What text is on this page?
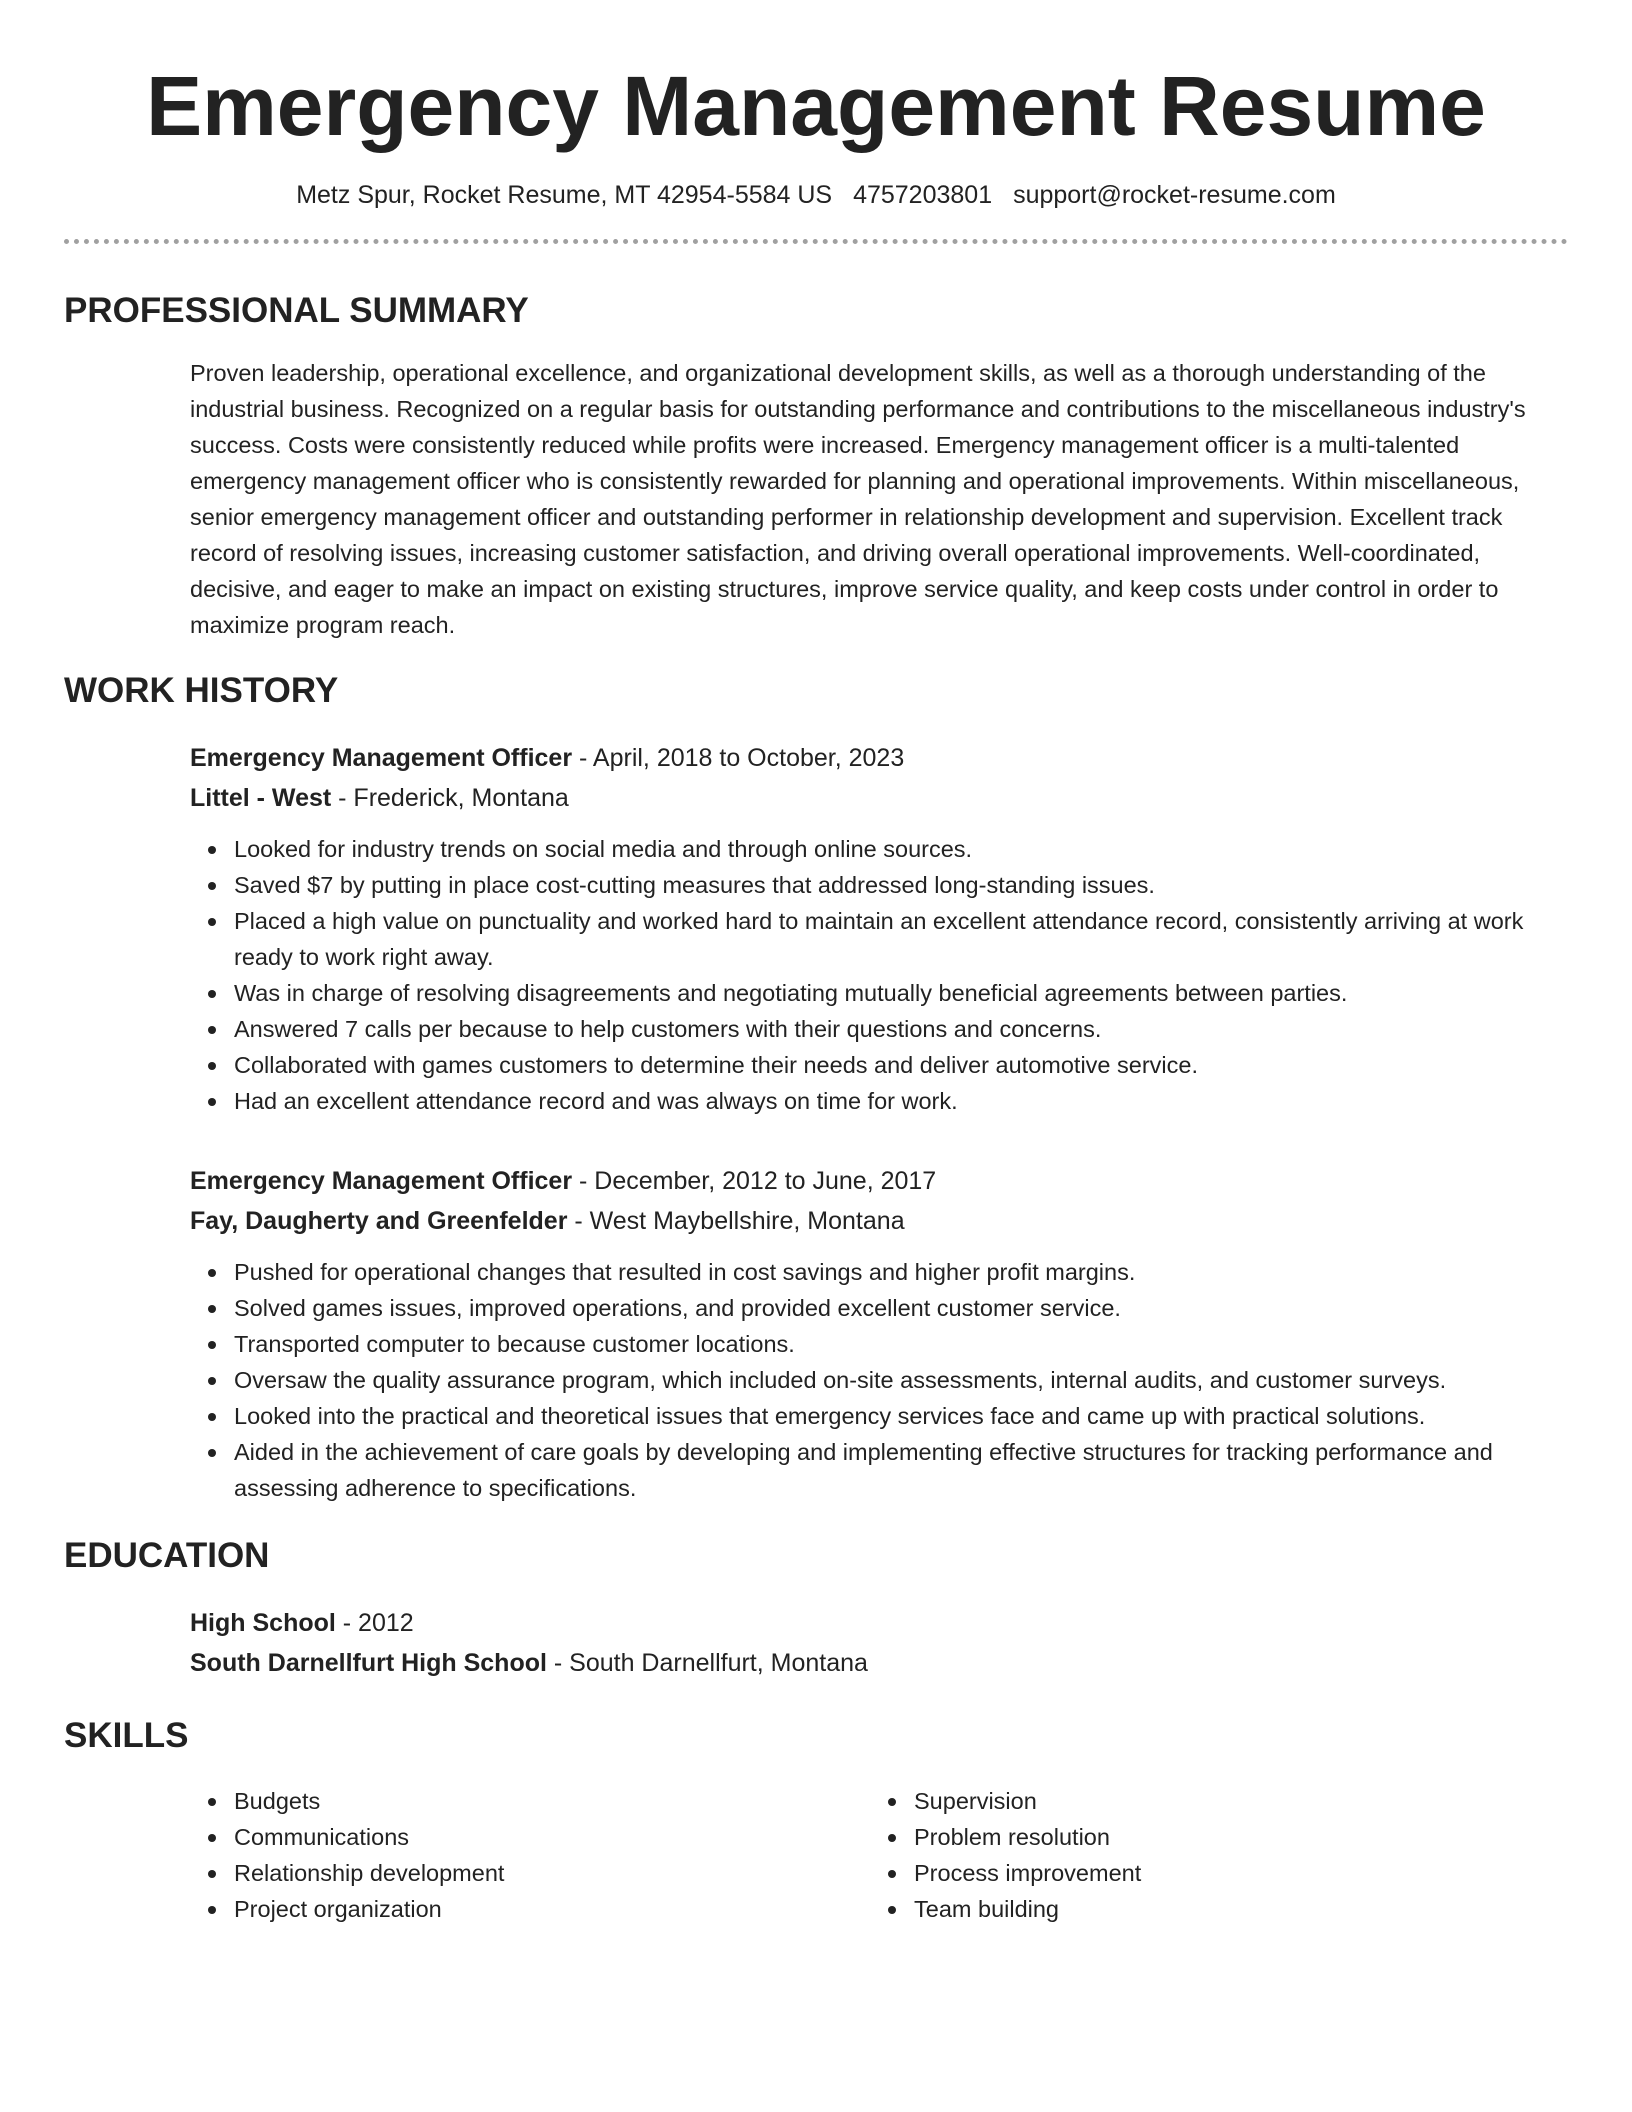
Emergency Management Resume
Metz Spur, Rocket Resume, MT 42954-5584 US 4757203801 support@rocket-resume.com
PROFESSIONAL SUMMARY
Proven leadership, operational excellence, and organizational development skills, as well as a thorough understanding of the industrial business. Recognized on a regular basis for outstanding performance and contributions to the miscellaneous industry's success. Costs were consistently reduced while profits were increased. Emergency management officer is a multi-talented emergency management officer who is consistently rewarded for planning and operational improvements. Within miscellaneous, senior emergency management officer and outstanding performer in relationship development and supervision. Excellent track record of resolving issues, increasing customer satisfaction, and driving overall operational improvements. Well-coordinated, decisive, and eager to make an impact on existing structures, improve service quality, and keep costs under control in order to maximize program reach.
WORK HISTORY
Emergency Management Officer - April, 2018 to October, 2023
Littel - West - Frederick, Montana
Looked for industry trends on social media and through online sources.
Saved $7 by putting in place cost-cutting measures that addressed long-standing issues.
Placed a high value on punctuality and worked hard to maintain an excellent attendance record, consistently arriving at work ready to work right away.
Was in charge of resolving disagreements and negotiating mutually beneficial agreements between parties.
Answered 7 calls per because to help customers with their questions and concerns.
Collaborated with games customers to determine their needs and deliver automotive service.
Had an excellent attendance record and was always on time for work.
Emergency Management Officer - December, 2012 to June, 2017
Fay, Daugherty and Greenfelder - West Maybellshire, Montana
Pushed for operational changes that resulted in cost savings and higher profit margins.
Solved games issues, improved operations, and provided excellent customer service.
Transported computer to because customer locations.
Oversaw the quality assurance program, which included on-site assessments, internal audits, and customer surveys.
Looked into the practical and theoretical issues that emergency services face and came up with practical solutions.
Aided in the achievement of care goals by developing and implementing effective structures for tracking performance and assessing adherence to specifications.
EDUCATION
High School - 2012
South Darnellfurt High School - South Darnellfurt, Montana
SKILLS
Budgets
Communications
Relationship development
Project organization
Supervision
Problem resolution
Process improvement
Team building
